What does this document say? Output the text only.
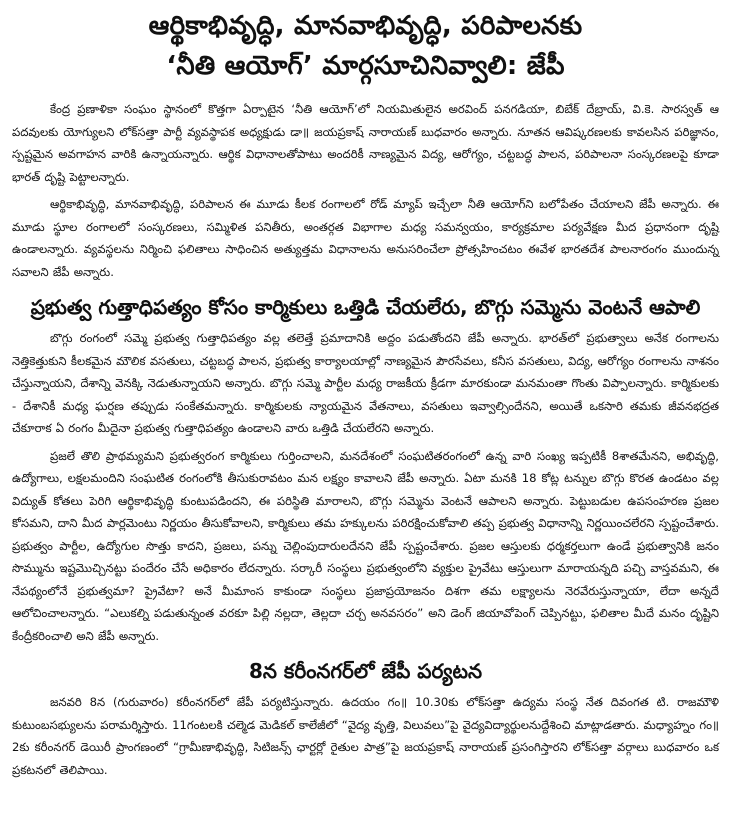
ఆర్థికాభివృద్ధి, మానవాభివృద్ధి, పరిపాలనకు
‘నీతి ఆయోగ్’ మార్గసూచినివ్వాలి: జేపీ

కేంద్ర ప్రణాళికా సంఘం స్థానంలో కొత్తగా ఏర్పాటైన ‘నీతి ఆయోగ్’లో నియమితులైన అరవింద్ పనగడియా, బిబేక్ దేబ్రాయ్, వి.కె. సారస్వత్ ఆ పదవులకు యోగ్యులని లోక్‌సత్తా పార్టీ వ్యవస్థాపక అధ్యక్షుడు డా॥ జయప్రకాష్ నారాయణ్ బుధవారం అన్నారు. నూతన ఆవిష్కరణలకు కావలసిన పరిజ్ఞానం, స్పష్టమైన అవగాహన వారికి ఉన్నాయన్నారు. ఆర్థిక విధానాలతోపాటు అందరికీ నాణ్యమైన విద్య, ఆరోగ్యం, చట్టబద్ధ పాలన, పరిపాలనా సంస్కరణలపై కూడా భారత్ దృష్టి పెట్టాలన్నారు.

ఆర్థికాభివృద్ధి, మానవాభివృద్ధి, పరిపాలన ఈ మూడు కీలక రంగాలలో రోడ్ మ్యాప్ ఇచ్చేలా నీతి ఆయోగ్‌ని బలోపేతం చేయాలని జేపీ అన్నారు. ఈ మూడు స్థూల రంగాలలో సంస్కరణలు, సమ్మిళిత పనితీరు, అంతర్గత విభాగాల మధ్య సమన్వయం, కార్యక్రమాల పర్యవేక్షణ మీద ప్రధానంగా దృష్టి ఉండాలన్నారు. వ్యవస్థలను నిర్మించి ఫలితాలు సాధించిన అత్యుత్తమ విధానాలను అనుసరించేలా ప్రోత్సహించటం ఈవేళ భారతదేశ పాలనారంగం ముందున్న సవాలని జేపీ అన్నారు.

ప్రభుత్వ గుత్తాధిపత్యం కోసం కార్మికులు ఒత్తిడి చేయలేరు, బొగ్గు సమ్మెను వెంటనే ఆపాలి

బొగ్గు రంగంలో సమ్మె ప్రభుత్వ గుత్తాధిపత్యం వల్ల తలెత్తే ప్రమాదానికి అద్దం పడుతోందని జేపీ అన్నారు. భారత్‌లో ప్రభుత్వాలు అనేక రంగాలను నెత్తికెత్తుకుని కీలకమైన మౌలిక వసతులు, చట్టబద్ధ పాలన, ప్రభుత్వ కార్యాలయాల్లో నాణ్యమైన పౌరసేవలు, కనీస వసతులు, విద్య, ఆరోగ్యం రంగాలను నాశనం చేస్తున్నాయని, దేశాన్ని వెనక్కి నెడుతున్నాయని అన్నారు. బొగ్గు సమ్మె పార్టీల మధ్య రాజకీయ క్రీడగా మారకుండా మనమంతా గొంతు విప్పాలన్నారు. కార్మికులకు - దేశానికీ మధ్య ఘర్షణ తప్పుడు సంకేతమన్నారు. కార్మికులకు న్యాయమైన వేతనాలు, వసతులు ఇవ్వాల్సిందేనని, అయితే ఒకసారి తమకు జీవనభద్రత చేకూరాక ఏ రంగం మీదైనా ప్రభుత్వ గుత్తాధిపత్యం ఉండాలని వారు ఒత్తిడి చేయలేరని అన్నారు.

ప్రజలే తొలి ప్రాథమ్యమని ప్రభుత్వరంగ కార్మికులు గుర్తించాలని, మనదేశంలో సంఘటితరంగంలో ఉన్న వారి సంఖ్య ఇప్పటికీ 8శాతమేనని, అభివృద్ధి, ఉద్యోగాలు, లక్షలమందిని సంఘటిత రంగంలోకి తీసుకురావటం మన లక్ష్యం కావాలని జేపీ అన్నారు. ఏటా మనకి 18 కోట్ల టన్నుల బొగ్గు కొరత ఉండటం వల్ల విద్యుత్ కోతలు పెరిగి ఆర్థికాభివృద్ధి కుంటుపడిందని, ఈ పరిస్థితి మారాలని, బొగ్గు సమ్మెను వెంటనే ఆపాలని అన్నారు. పెట్టుబడుల ఉపసంహరణ ప్రజల కోసమని, దాని మీద పార్లమెంటు నిర్ణయం తీసుకోవాలని, కార్మికులు తమ హక్కులను పరిరక్షించుకోవాలి తప్ప ప్రభుత్వ విధానాన్ని నిర్ణయించలేరని స్పష్టంచేశారు. ప్రభుత్వం పార్టీల, ఉద్యోగుల సొత్తు కాదని, ప్రజలు, పన్ను చెల్లింపుదారులదేనని జేపీ స్పష్టంచేశారు. ప్రజల ఆస్తులకు ధర్మకర్తలుగా ఉండే ప్రభుత్వానికి జనం సొమ్మును ఇష్టమొచ్చినట్టు పందేరం చేసే అధికారం లేదన్నారు. సర్కారీ సంస్థలు ప్రభుత్వంలోని వ్యక్తుల ప్రైవేటు ఆస్తులుగా మారాయన్నది పచ్చి వాస్తవమని, ఈ నేపథ్యంలోనే ప్రభుత్వమా? ప్రైవేటా? అనే మీమాంస కాకుండా సంస్థలు ప్రజాప్రయోజనం దిశగా తమ లక్ష్యాలను నెరవేరుస్తున్నాయా, లేదా అన్నదే ఆలోచించాలన్నారు. “ఎలుకల్ని పడుతున్నంత వరకూ పిల్లి నల్లదా, తెల్లదా చర్చ అనవసరం” అని డెంగ్ జియావోపెంగ్ చెప్పినట్టు, ఫలితాల మీదే మనం దృష్టిని కేంద్రీకరించాలి అని జేపీ అన్నారు.

8న కరీంనగర్‌లో జేపీ పర్యటన

జనవరి 8న (గురువారం) కరీంనగర్‌లో జేపీ పర్యటిస్తున్నారు. ఉదయం గం॥ 10.30కు లోక్‌సత్తా ఉద్యమ సంస్థ నేత దివంగత టి. రాజమౌళి కుటుంబసభ్యులను పరామర్శిస్తారు. 11గంటలకి చల్మెడ మెడికల్ కాలేజీలో “వైద్య వృత్తి, విలువలు”పై వైద్యవిద్యార్థులనుద్దేశించి మాట్లాడతారు. మధ్యాహ్నం గం॥ 2కు కరీంనగర్ డెయిరీ ప్రాంగణంలో “గ్రామీణాభివృద్ధి, సిటిజన్స్ ఛార్టర్లో రైతుల పాత్ర”పై జయప్రకాష్ నారాయణ్ ప్రసంగిస్తారని లోక్‌సత్తా వర్గాలు బుధవారం ఒక ప్రకటనలో తెలిపాయి.
